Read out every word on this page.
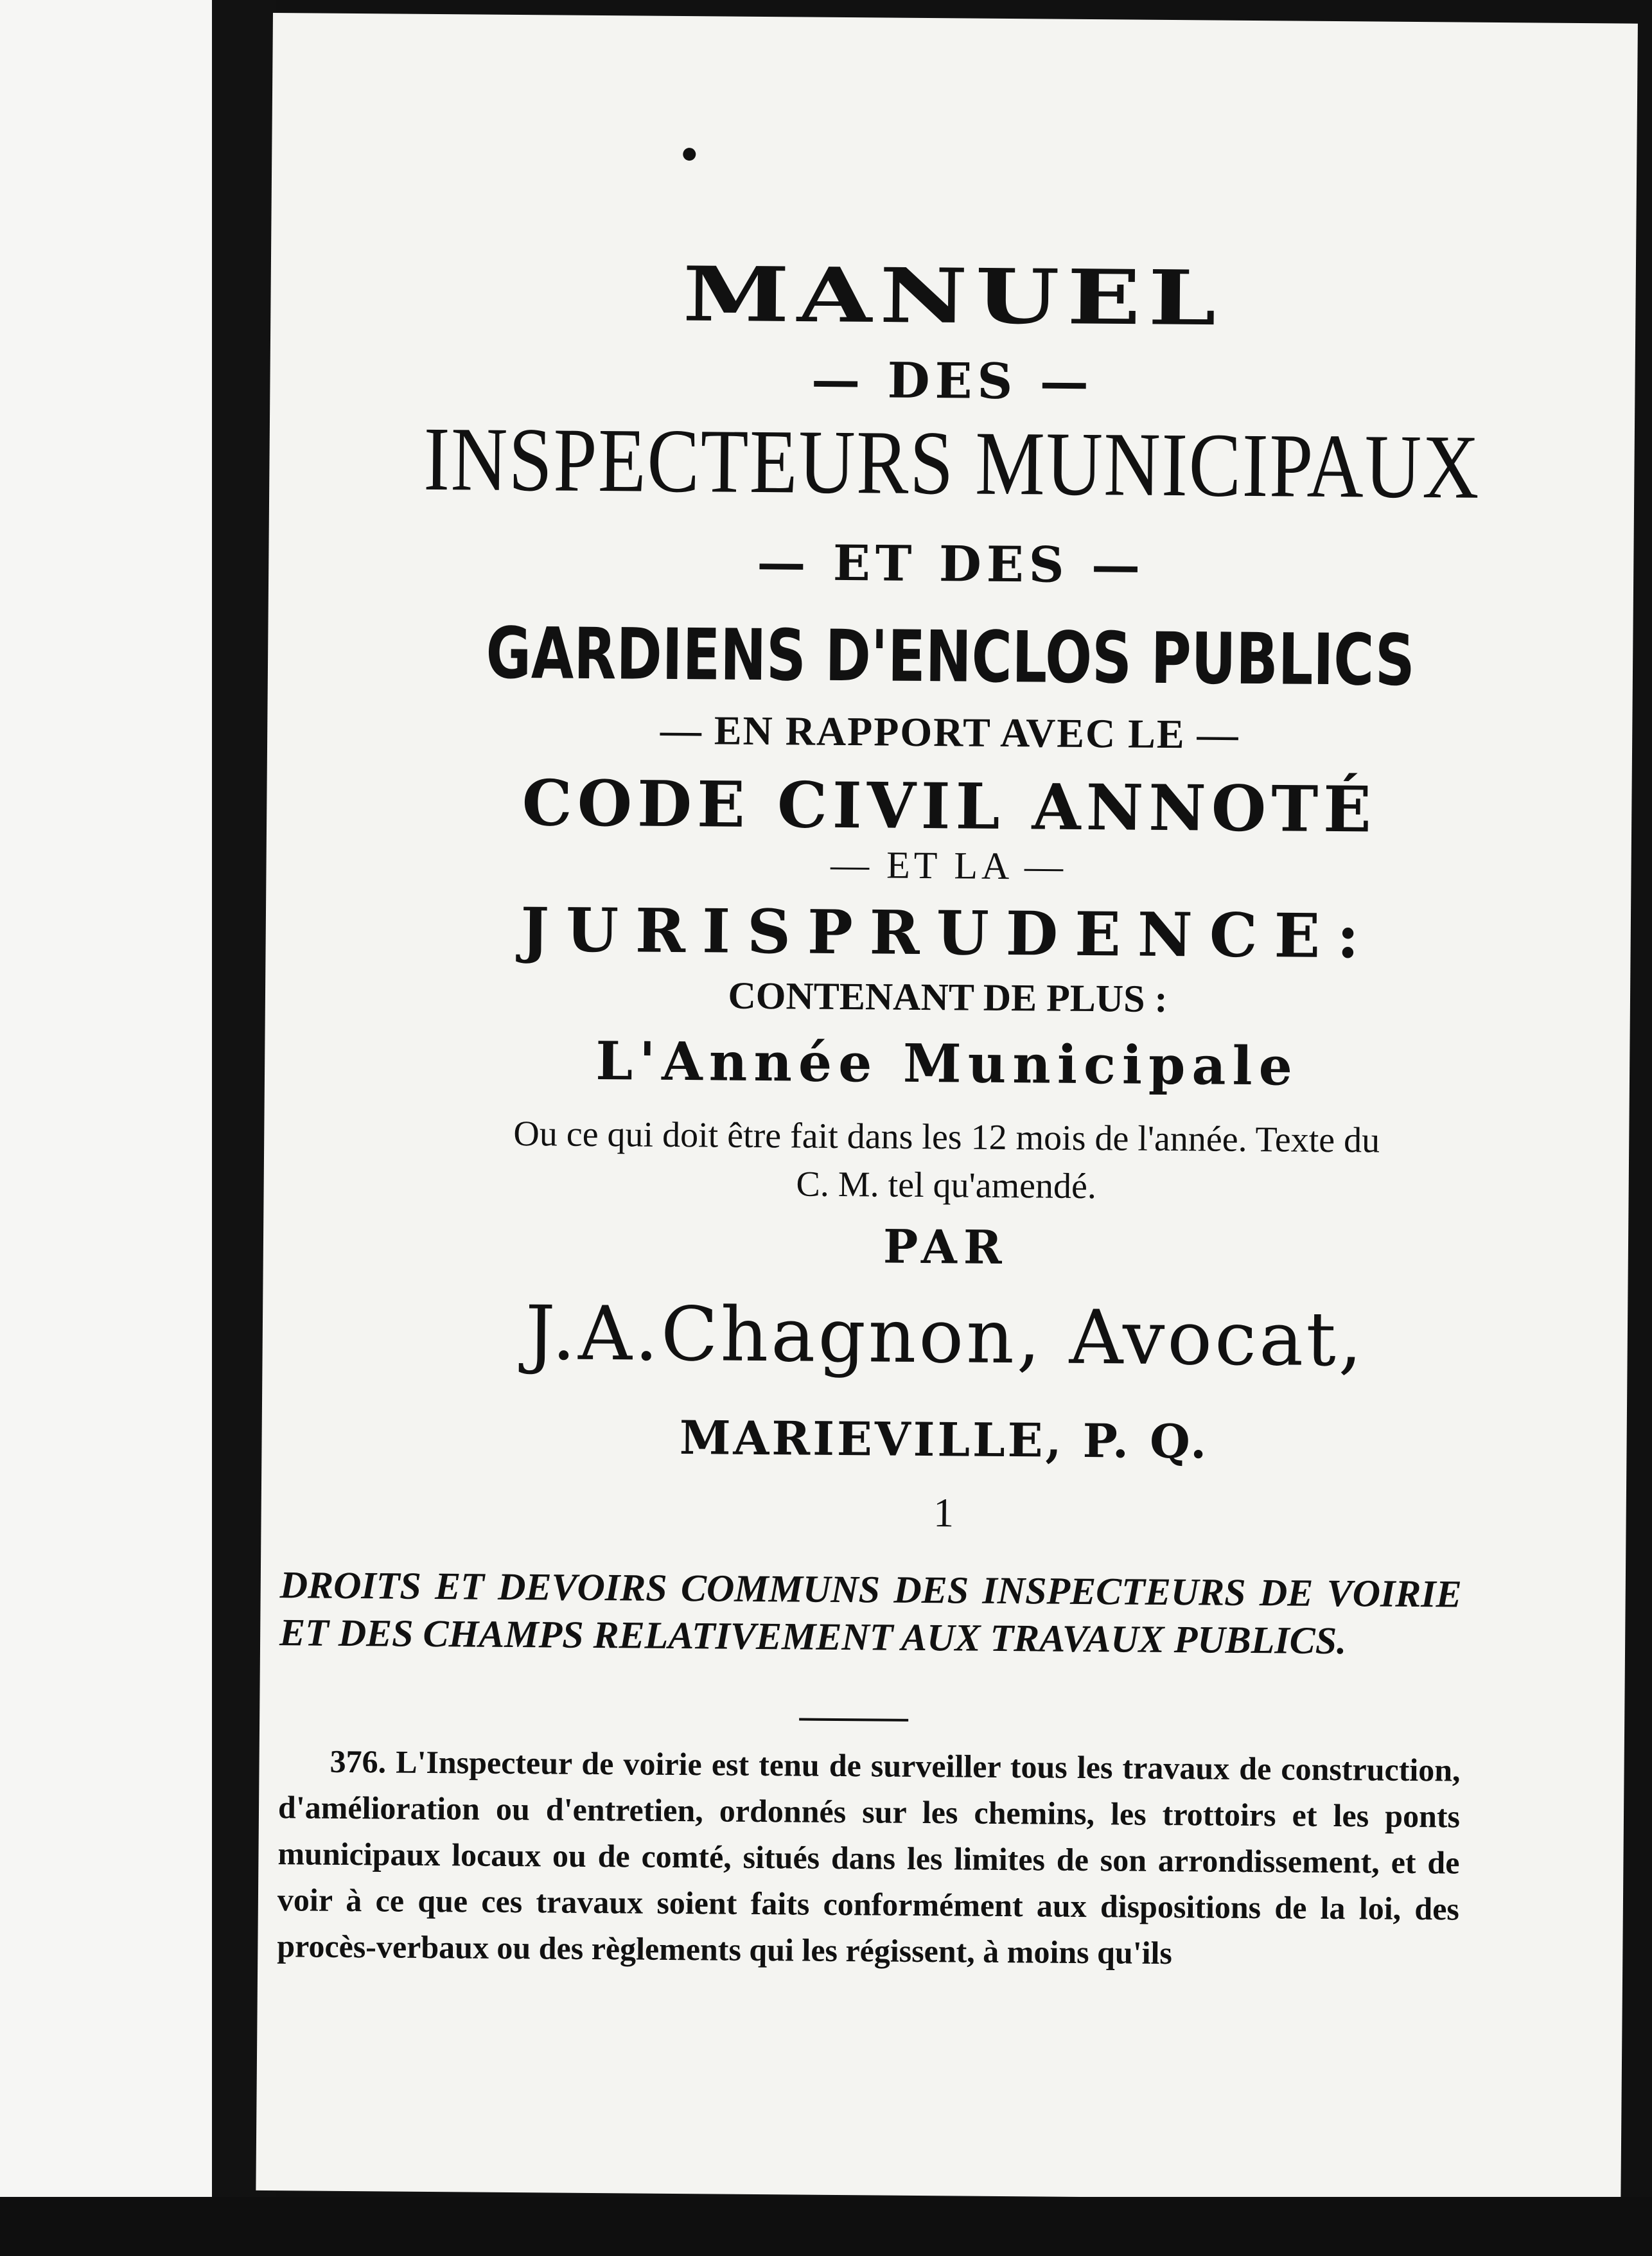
MANUEL
— DES —
INSPECTEURS MUNICIPAUX
— ET DES —
GARDIENS D'ENCLOS PUBLICS
— EN RAPPORT AVEC LE —
CODE CIVIL ANNOTÉ
— ET LA —
JURISPRUDENCE:
CONTENANT DE PLUS :
L'Année Municipale
Ou ce qui doit être fait dans les 12 mois de l'année. Texte du
C. M. tel qu'amendé.
PAR
J.A.Chagnon, Avocat,
MARIEVILLE, P. Q.
1
DROITS ET DEVOIRS COMMUNS DES INSPECTEURS DE VOIRIE ET DES CHAMPS RELATIVEMENT AUX TRAVAUX PUBLICS.
376. L'Inspecteur de voirie est tenu de surveiller tous les travaux de construction, d'amélioration ou d'entretien, ordonnés sur les chemins, les trottoirs et les ponts municipaux locaux ou de comté, situés dans les limites de son arrondissement, et de voir à ce que ces travaux soient faits conformément aux dispositions de la loi, des procès-verbaux ou des règlements qui les régissent, à moins qu'ils
